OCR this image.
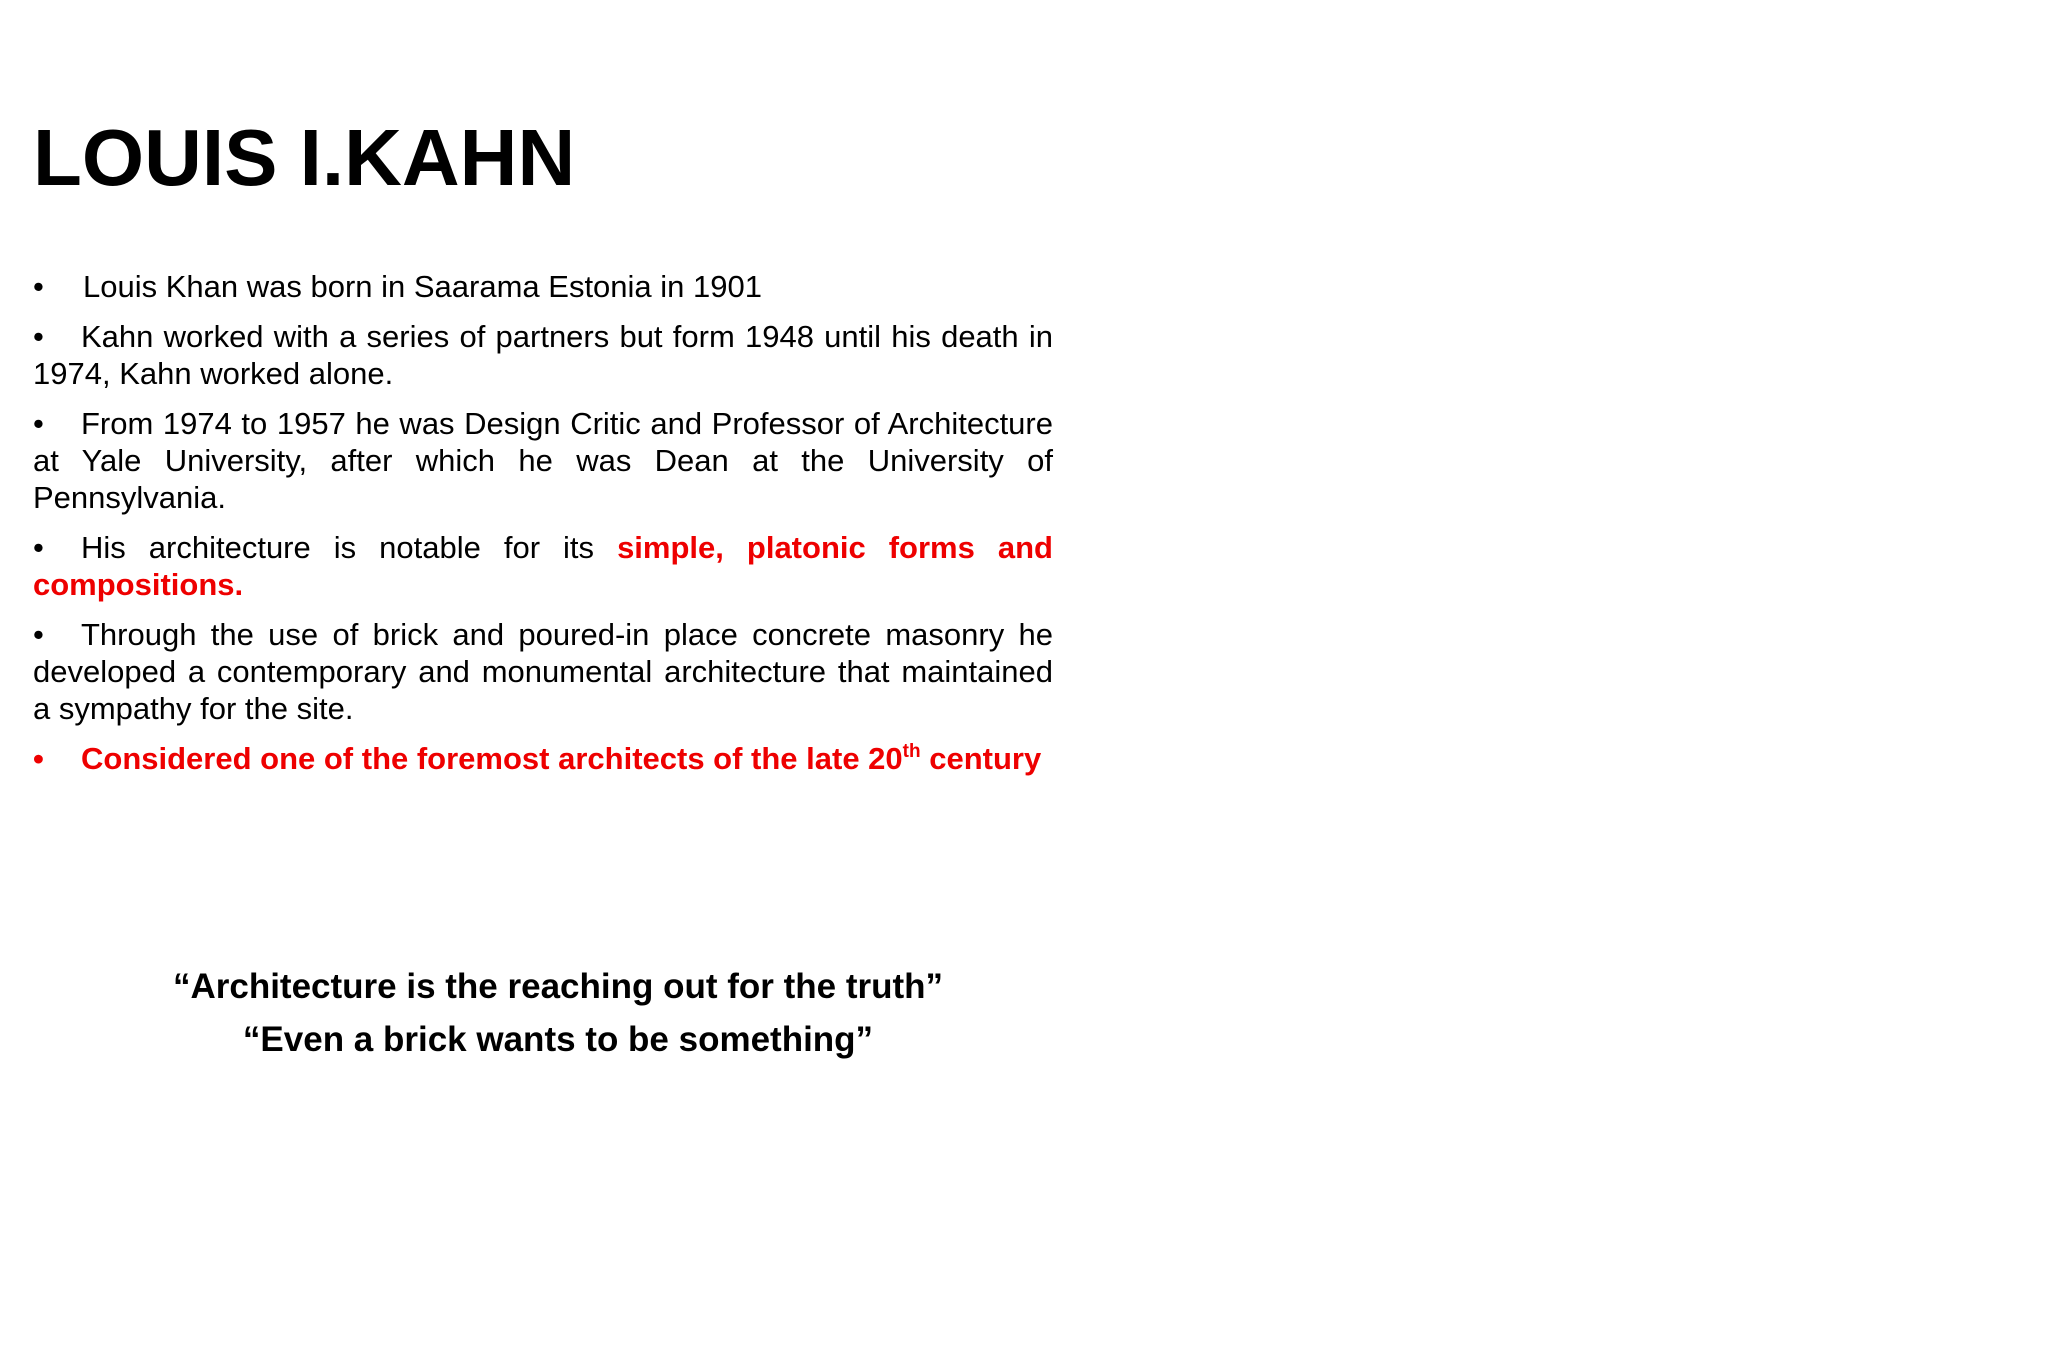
LOUIS I.KAHN
• Louis Khan was born in Saarama Estonia in 1901
• Kahn worked with a series of partners but form 1948 until his death in 1974, Kahn worked alone.
• From 1974 to 1957 he was Design Critic and Professor of Architecture at Yale University, after which he was Dean at the University of Pennsylvania.
• His architecture is notable for its simple, platonic forms and compositions.
• Through the use of brick and poured-in place concrete masonry he developed a contemporary and monumental architecture that maintained a sympathy for the site.
• Considered one of the foremost architects of the late 20th century
“Architecture is the reaching out for the truth”
“Even a brick wants to be something”
